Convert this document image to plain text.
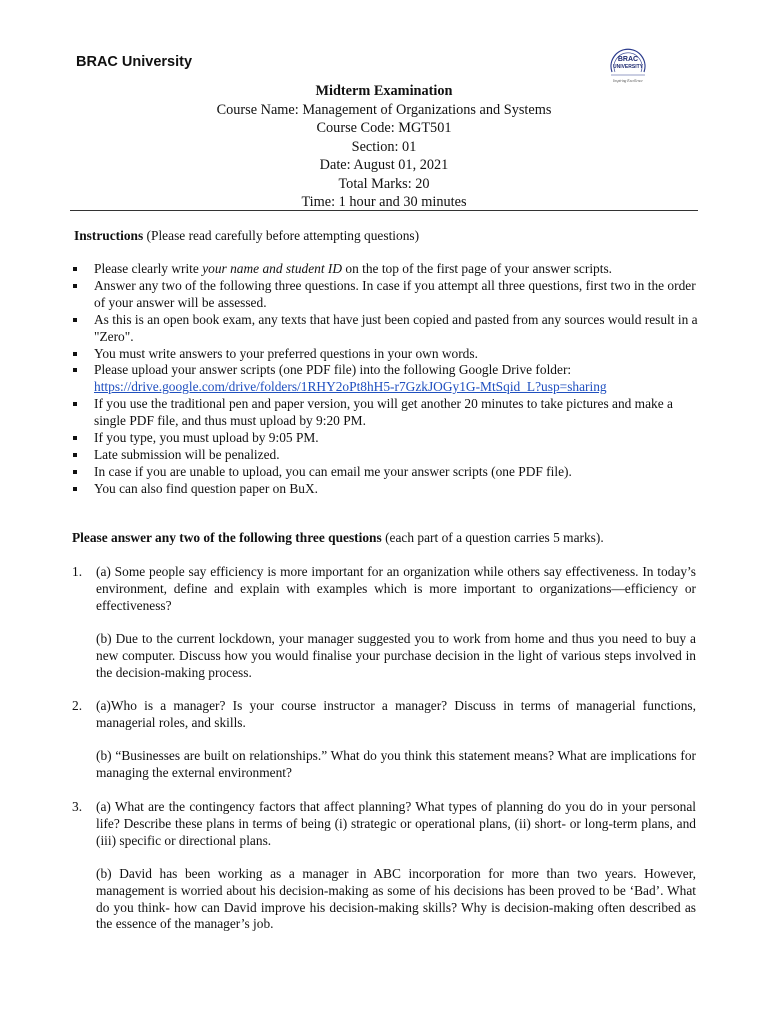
BRAC University	BRAC
UNIVERSITY
Inspiring Excellence
Midterm Examination
Course Name: Management of Organizations and Systems
Course Code: MGT501
Section: 01
Date: August 01, 2021
Total Marks: 20
Time: 1 hour and 30 minutes
Instructions (Please read carefully before attempting questions)
Please clearly write your name and student ID on the top of the first page of your answer scripts.
Answer any two of the following three questions. In case if you attempt all three questions, first two in the order of your answer will be assessed.
As this is an open book exam, any texts that have just been copied and pasted from any sources would result in a "Zero".
You must write answers to your preferred questions in your own words.
Please upload your answer scripts (one PDF file) into the following Google Drive folder:
https://drive.google.com/drive/folders/1RHY2oPt8hH5-r7GzkJOGy1G-MtSqid_L?usp=sharing
If you use the traditional pen and paper version, you will get another 20 minutes to take pictures and make a single PDF file, and thus must upload by 9:20 PM.
If you type, you must upload by 9:05 PM.
Late submission will be penalized.
In case if you are unable to upload, you can email me your answer scripts (one PDF file).
You can also find question paper on BuX.
Please answer any two of the following three questions (each part of a question carries 5 marks).
1. (a) Some people say efficiency is more important for an organization while others say effectiveness. In today’s environment, define and explain with examples which is more important to organizations—efficiency or effectiveness?

(b) Due to the current lockdown, your manager suggested you to work from home and thus you need to buy a new computer. Discuss how you would finalise your purchase decision in the light of various steps involved in the decision-making process.

2. (a)Who is a manager? Is your course instructor a manager? Discuss in terms of managerial functions, managerial roles, and skills.

(b) “Businesses are built on relationships.” What do you think this statement means? What are implications for managing the external environment?

3. (a) What are the contingency factors that affect planning? What types of planning do you do in your personal life? Describe these plans in terms of being (i) strategic or operational plans, (ii) short- or long-term plans, and (iii) specific or directional plans.

(b) David has been working as a manager in ABC incorporation for more than two years. However, management is worried about his decision-making as some of his decisions has been proved to be ‘Bad’. What do you think- how can David improve his decision-making skills? Why is decision-making often described as the essence of the manager’s job.
